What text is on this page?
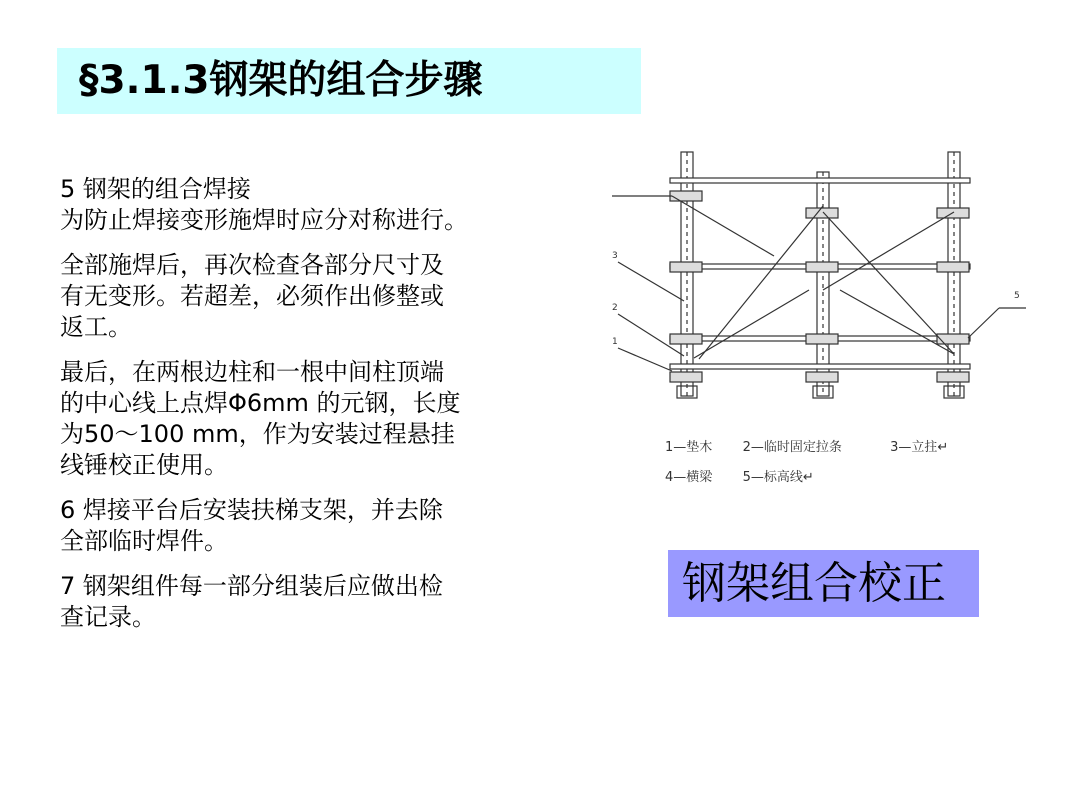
§3.1.3钢架的组合步骤
5 钢架的组合焊接
为防止焊接变形施焊时应分对称进行。
全部施焊后，再次检查各部分尺寸及
有无变形。若超差，必须作出修整或
返工。
最后，在两根边柱和一根中间柱顶端
的中心线上点焊Φ6mm 的元钢，长度
为50～100 mm，作为安装过程悬挂
线锤校正使用。
6 焊接平台后安装扶梯支架，并去除
全部临时焊件。
7 钢架组件每一部分组装后应做出检
查记录。
3
2
1
5
1—垫木 2—临时固定拉条	3—立拄↵
4—横梁 5—标高线↵
钢架组合校正
